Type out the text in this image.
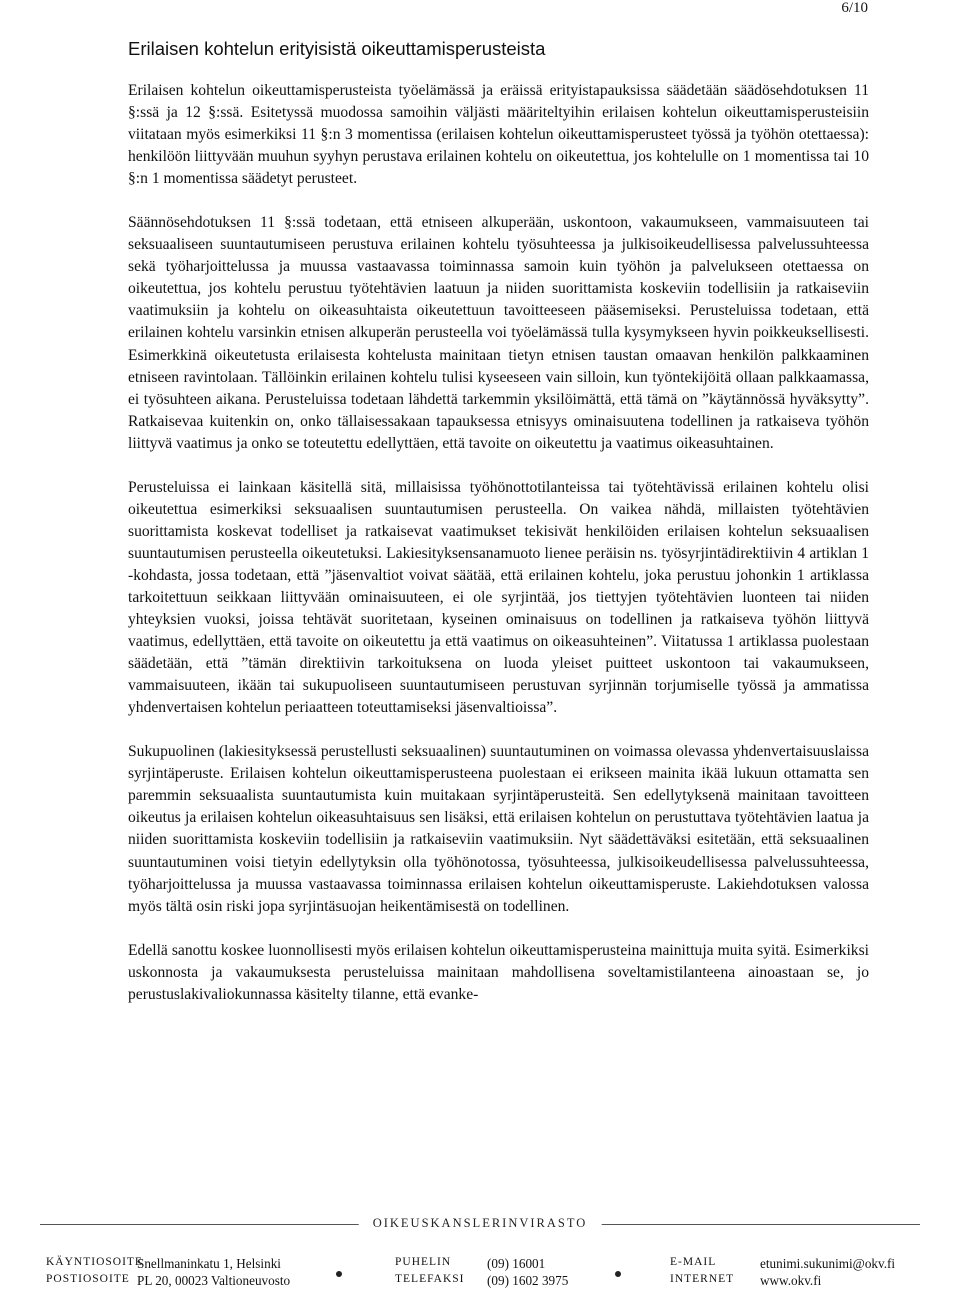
6/10
Erilaisen kohtelun erityisistä oikeuttamisperusteista

Erilaisen kohtelun oikeuttamisperusteista työelämässä ja eräissä erityistapauksissa säädetään säädösehdotuksen 11 §:ssä ja 12 §:ssä. Esitetyssä muodossa samoihin väljästi määriteltyihin erilaisen kohtelun oikeuttamisperusteisiin viitataan myös esimerkiksi 11 §:n 3 momentissa (erilaisen kohtelun oikeuttamisperusteet työssä ja työhön otettaessa): henkilöön liittyvään muuhun syyhyn perustava erilainen kohtelu on oikeutettua, jos kohtelulle on 1 momentissa tai 10 §:n 1 momentissa säädetyt perusteet.

Säännösehdotuksen 11 §:ssä todetaan, että etniseen alkuperään, uskontoon, vakaumukseen, vammaisuuteen tai seksuaaliseen suuntautumiseen perustuva erilainen kohtelu työsuhteessa ja julkisoikeudellisessa palvelussuhteessa sekä työharjoittelussa ja muussa vastaavassa toiminnassa samoin kuin työhön ja palvelukseen otettaessa on oikeutettua, jos kohtelu perustuu työtehtävien laatuun ja niiden suorittamista koskeviin todellisiin ja ratkaiseviin vaatimuksiin ja kohtelu on oikeasuhtaista oikeutettuun tavoitteeseen pääsemiseksi. Perusteluissa todetaan, että erilainen kohtelu varsinkin etnisen alkuperän perusteella voi työelämässä tulla kysymykseen hyvin poikkeuksellisesti. Esimerkkinä oikeutetusta erilaisesta kohtelusta mainitaan tietyn etnisen taustan omaavan henkilön palkkaaminen etniseen ravintolaan. Tällöinkin erilainen kohtelu tulisi kyseeseen vain silloin, kun työntekijöitä ollaan palkkaamassa, ei työsuhteen aikana. Perusteluissa todetaan lähdettä tarkemmin yksilöimättä, että tämä on ”käytännössä hyväksytty”. Ratkaisevaa kuitenkin on, onko tällaisessakaan tapauksessa etnisyys ominaisuutena todellinen ja ratkaiseva työhön liittyvä vaatimus ja onko se toteutettu edellyttäen, että tavoite on oikeutettu ja vaatimus oikeasuhtainen.

Perusteluissa ei lainkaan käsitellä sitä, millaisissa työhönottotilanteissa tai työtehtävissä erilainen kohtelu olisi oikeutettua esimerkiksi seksuaalisen suuntautumisen perusteella. On vaikea nähdä, millaisten työtehtävien suorittamista koskevat todelliset ja ratkaisevat vaatimukset tekisivät henkilöiden erilaisen kohtelun seksuaalisen suuntautumisen perusteella oikeutetuksi. Lakiesityksensanamuoto lienee peräisin ns. työsyrjintädirektiivin 4 artiklan 1 -kohdasta, jossa todetaan, että ”jäsenvaltiot voivat säätää, että erilainen kohtelu, joka perustuu johonkin 1 artiklassa tarkoitettuun seikkaan liittyvään ominaisuuteen, ei ole syrjintää, jos tiettyjen työtehtävien luonteen tai niiden yhteyksien vuoksi, joissa tehtävät suoritetaan, kyseinen ominaisuus on todellinen ja ratkaiseva työhön liittyvä vaatimus, edellyttäen, että tavoite on oikeutettu ja että vaatimus on oikeasuhteinen”. Viitatussa 1 artiklassa puolestaan säädetään, että ”tämän direktiivin tarkoituksena on luoda yleiset puitteet uskontoon tai vakaumukseen, vammaisuuteen, ikään tai sukupuoliseen suuntautumiseen perustuvan syrjinnän torjumiselle työssä ja ammatissa yhdenvertaisen kohtelun periaatteen toteuttamiseksi jäsenvaltioissa”.

Sukupuolinen (lakiesityksessä perustellusti seksuaalinen) suuntautuminen on voimassa olevassa yhdenvertaisuuslaissa syrjintäperuste. Erilaisen kohtelun oikeuttamisperusteena puolestaan ei erikseen mainita ikää lukuun ottamatta sen paremmin seksuaalista suuntautumista kuin muitakaan syrjintäperusteitä. Sen edellytyksenä mainitaan tavoitteen oikeutus ja erilaisen kohtelun oikeasuhtaisuus sen lisäksi, että erilaisen kohtelun on perustuttava työtehtävien laatua ja niiden suorittamista koskeviin todellisiin ja ratkaiseviin vaatimuksiin. Nyt säädettäväksi esitetään, että seksuaalinen suuntautuminen voisi tietyin edellytyksin olla työhönotossa, työsuhteessa, julkisoikeudellisessa palvelussuhteessa, työharjoittelussa ja muussa vastaavassa toiminnassa erilaisen kohtelun oikeuttamisperuste. Lakiehdotuksen valossa myös tältä osin riski jopa syrjintäsuojan heikentämisestä on todellinen.

Edellä sanottu koskee luonnollisesti myös erilaisen kohtelun oikeuttamisperusteina mainittuja muita syitä. Esimerkiksi uskonnosta ja vakaumuksesta perusteluissa mainitaan mahdollisena soveltamistilanteena ainoastaan se, jo perustuslakivaliokunnassa käsitelty tilanne, että evanke-

OIKEUSKANSLERINVIRASTO
KÄYNTIOSOITE
Snellmaninkatu 1, Helsinki	PUHELIN	(09) 16001	E-MAIL	etunimi.sukunimi@okv.fi
POSTIOSOITE PL 20, 00023 Valtioneuvosto	TELEFAKSI (09) 1602 3975	INTERNET www.okv.fi
